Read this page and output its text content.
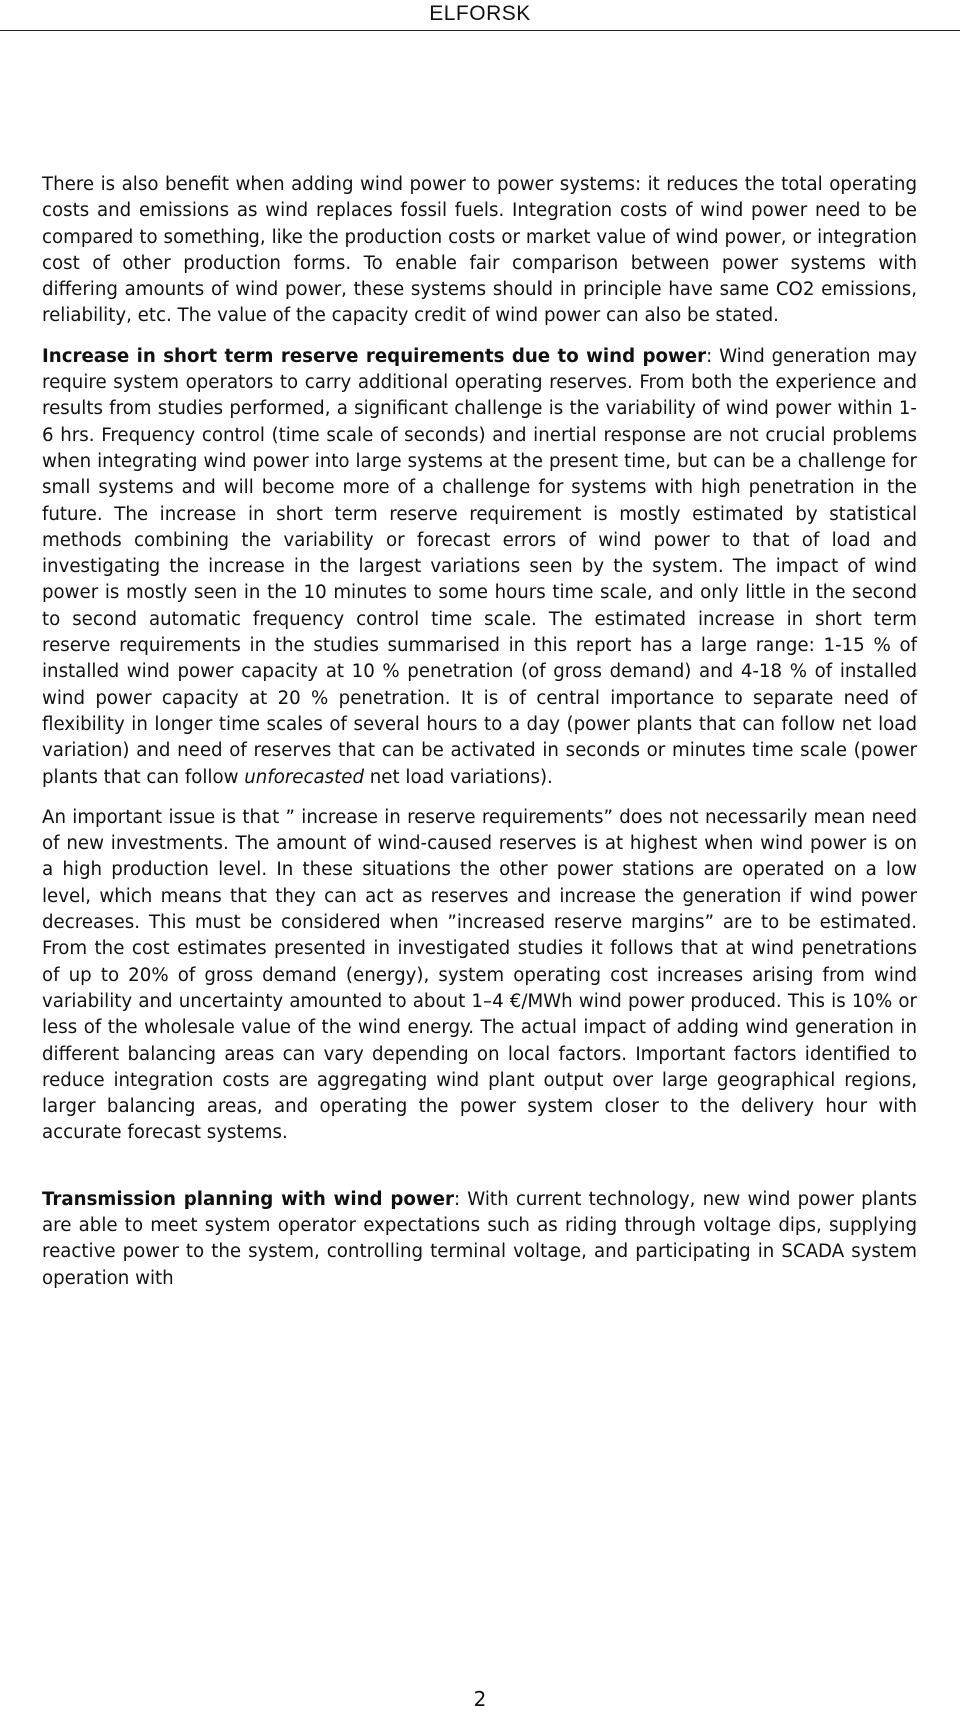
ELFORSK

There is also benefit when adding wind power to power systems: it reduces the total operating costs and emissions as wind replaces fossil fuels. Integration costs of wind power need to be compared to something, like the production costs or market value of wind power, or integration cost of other production forms. To enable fair comparison between power systems with differing amounts of wind power, these systems should in principle have same CO2 emissions, reliability, etc. The value of the capacity credit of wind power can also be stated.

Increase in short term reserve requirements due to wind power: Wind generation may require system operators to carry additional operating reserves. From both the experience and results from studies performed, a significant challenge is the variability of wind power within 1-6 hrs. Frequency control (time scale of seconds) and inertial response are not crucial problems when integrating wind power into large systems at the present time, but can be a challenge for small systems and will become more of a challenge for systems with high penetration in the future. The increase in short term reserve requirement is mostly estimated by statistical methods combining the variability or forecast errors of wind power to that of load and investigating the increase in the largest variations seen by the system. The impact of wind power is mostly seen in the 10 minutes to some hours time scale, and only little in the second to second automatic frequency control time scale. The estimated increase in short term reserve requirements in the studies summarised in this report has a large range: 1-15 % of installed wind power capacity at 10 % penetration (of gross demand) and 4-18 % of installed wind power capacity at 20 % penetration. It is of central importance to separate need of flexibility in longer time scales of several hours to a day (power plants that can follow net load variation) and need of reserves that can be activated in seconds or minutes time scale (power plants that can follow unforecasted net load variations).

An important issue is that ” increase in reserve requirements” does not necessarily mean need of new investments. The amount of wind-caused reserves is at highest when wind power is on a high production level. In these situations the other power stations are operated on a low level, which means that they can act as reserves and increase the generation if wind power decreases. This must be considered when ”increased reserve margins” are to be estimated. From the cost estimates presented in investigated studies it follows that at wind penetrations of up to 20% of gross demand (energy), system operating cost increases arising from wind variability and uncertainty amounted to about 1–4 €/MWh wind power produced. This is 10% or less of the wholesale value of the wind energy. The actual impact of adding wind generation in different balancing areas can vary depending on local factors. Important factors identified to reduce integration costs are aggregating wind plant output over large geographical regions, larger balancing areas, and operating the power system closer to the delivery hour with accurate forecast systems.

Transmission planning with wind power: With current technology, new wind power plants are able to meet system operator expectations such as riding through voltage dips, supplying reactive power to the system, controlling terminal voltage, and participating in SCADA system operation with

2
